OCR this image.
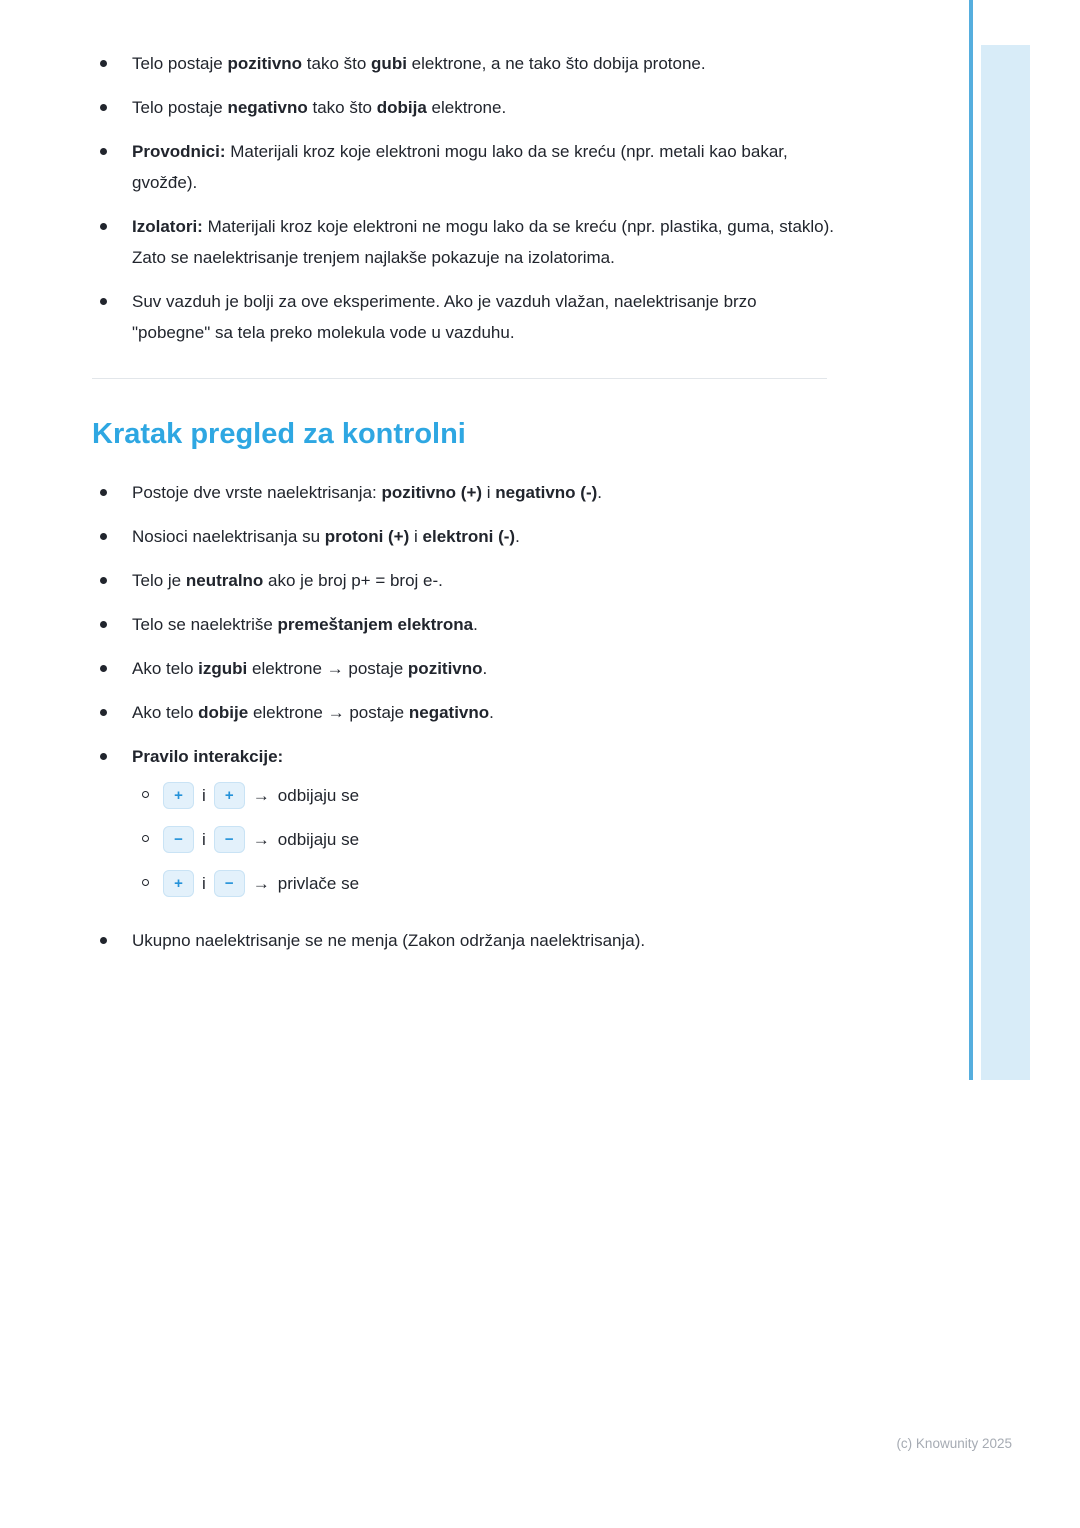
Telo postaje pozitivno tako što gubi elektrone, a ne tako što dobija protone.
Telo postaje negativno tako što dobija elektrone.
Provodnici: Materijali kroz koje elektroni mogu lako da se kreću (npr. metali kao bakar, gvožđe).
Izolatori: Materijali kroz koje elektroni ne mogu lako da se kreću (npr. plastika, guma, staklo). Zato se naelektrisanje trenjem najlakše pokazuje na izolatorima.
Suv vazduh je bolji za ove eksperimente. Ako je vazduh vlažan, naelektrisanje brzo "pobegne" sa tela preko molekula vode u vazduhu.
Kratak pregled za kontrolni
Postoje dve vrste naelektrisanja: pozitivno (+) i negativno (-).
Nosioci naelektrisanja su protoni (+) i elektroni (-).
Telo je neutralno ako je broj p+ = broj e-.
Telo se naelektriše premeštanjem elektrona.
Ako telo izgubi elektrone → postaje pozitivno.
Ako telo dobije elektrone → postaje negativno.
Pravilo interakcije:
+	i	+	→ odbijaju se
−	i	−	→ odbijaju se
+	i	−	→ privlače se
Ukupno naelektrisanje se ne menja (Zakon održanja naelektrisanja).
(c) Knowunity 2025
